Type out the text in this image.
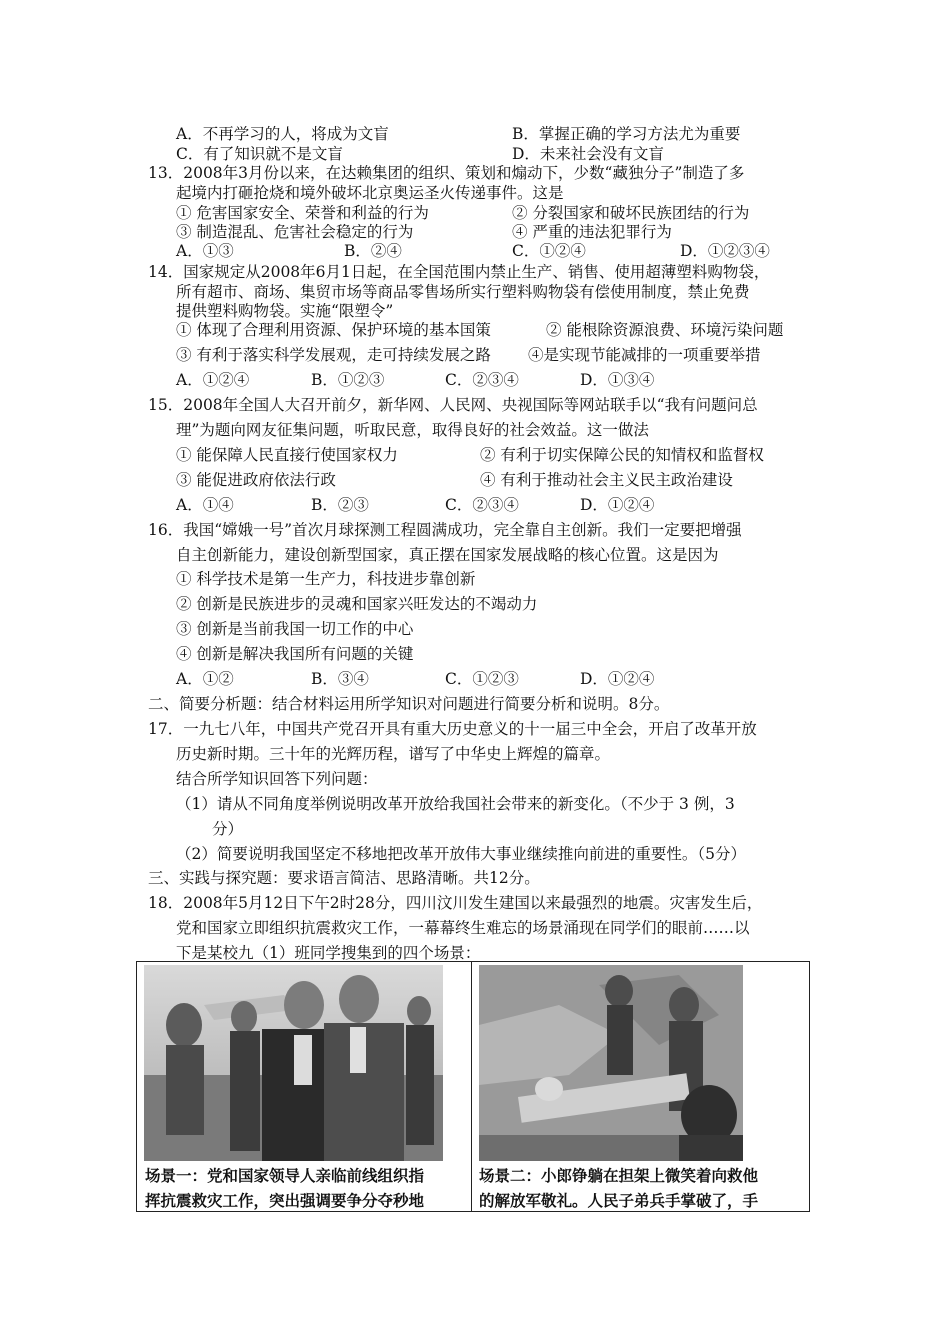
A．不再学习的人，将成为文盲	B．掌握正确的学习方法尤为重要
C．有了知识就不是文盲	D．未来社会没有文盲
13．2008年3月份以来，在达赖集团的组织、策划和煽动下，少数“藏独分子”制造了多
起境内打砸抢烧和境外破坏北京奥运圣火传递事件。这是
① 危害国家安全、荣誉和利益的行为	② 分裂国家和破坏民族团结的行为
③ 制造混乱、危害社会稳定的行为	④ 严重的违法犯罪行为
A．①③	B．②④	C．①②④	D．①②③④
14．国家规定从2008年6月1日起，在全国范围内禁止生产、销售、使用超薄塑料购物袋，
所有超市、商场、集贸市场等商品零售场所实行塑料购物袋有偿使用制度，禁止免费
提供塑料购物袋。实施“限塑令”
① 体现了合理利用资源、保护环境的基本国策	② 能根除资源浪费、环境污染问题
③ 有利于落实科学发展观，走可持续发展之路 ④是实现节能减排的一项重要举措
A．①②④	B．①②③	C．②③④	D．①③④
15．2008年全国人大召开前夕，新华网、人民网、央视国际等网站联手以“我有问题问总
理”为题向网友征集问题，听取民意，取得良好的社会效益。这一做法
① 能保障人民直接行使国家权力	② 有利于切实保障公民的知情权和监督权
③ 能促进政府依法行政	④ 有利于推动社会主义民主政治建设
A．①④	B．②③	C．②③④	D．①②④
16．我国“嫦娥一号”首次月球探测工程圆满成功，完全靠自主创新。我们一定要把增强
自主创新能力，建设创新型国家，真正摆在国家发展战略的核心位置。这是因为
① 科学技术是第一生产力，科技进步靠创新
② 创新是民族进步的灵魂和国家兴旺发达的不竭动力
③ 创新是当前我国一切工作的中心
④ 创新是解决我国所有问题的关键
A．①②	B．③④	C．①②③	D．①②④
二、简要分析题：结合材料运用所学知识对问题进行简要分析和说明。8分。
17．一九七八年，中国共产党召开具有重大历史意义的十一届三中全会，开启了改革开放
历史新时期。三十年的光辉历程，谱写了中华史上辉煌的篇章。
结合所学知识回答下列问题：
（1）请从不同角度举例说明改革开放给我国社会带来的新变化。（不少于 3 例，3
分）
（2）简要说明我国坚定不移地把改革开放伟大事业继续推向前进的重要性。（5分）
三、实践与探究题：要求语言简洁、思路清晰。共12分。
18．2008年5月12日下午2时28分，四川汶川发生建国以来最强烈的地震。灾害发生后，
党和国家立即组织抗震救灾工作，一幕幕终生难忘的场景涌现在同学们的眼前……以
下是某校九（1）班同学搜集到的四个场景：
场景一：党和国家领导人亲临前线组织指
挥抗震救灾工作，突出强调要争分夺秒地
场景二：小郎铮躺在担架上微笑着向救他
的解放军敬礼。人民子弟兵手掌破了，手
